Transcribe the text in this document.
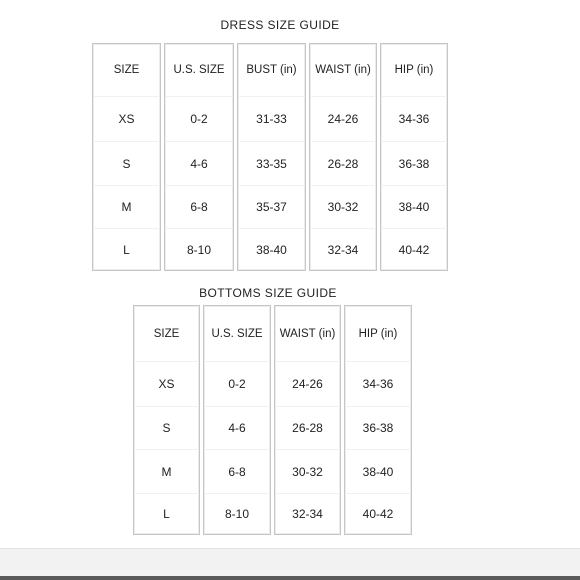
DRESS SIZE GUIDE
SIZE
XS
S
M
L
U.S. SIZE
0-2
4-6
6-8
8-10
BUST (in)
31-33
33-35
35-37
38-40
WAIST (in)
24-26
26-28
30-32
32-34
HIP (in)
34-36
36-38
38-40
40-42
BOTTOMS SIZE GUIDE
SIZE
XS
S
M
L
U.S. SIZE
0-2
4-6
6-8
8-10
WAIST (in)
24-26
26-28
30-32
32-34
HIP (in)
34-36
36-38
38-40
40-42
